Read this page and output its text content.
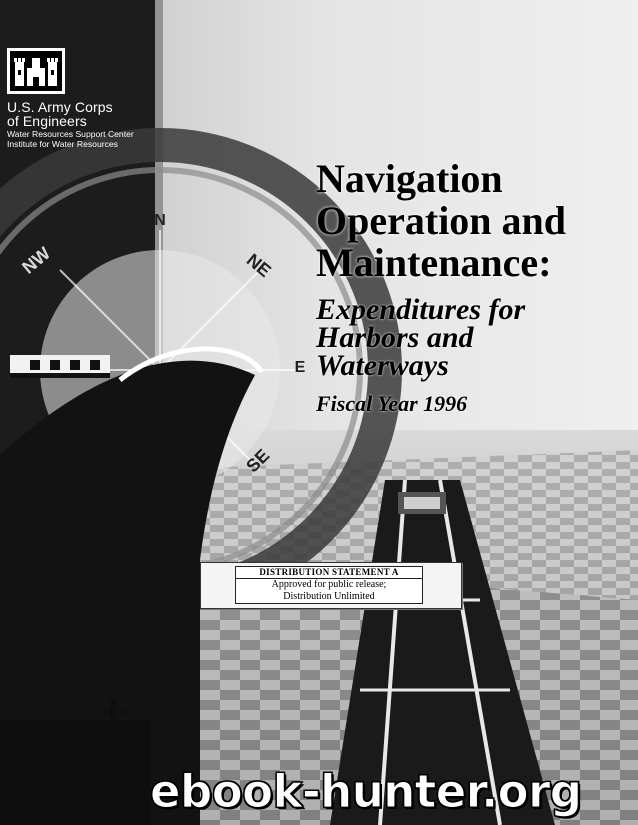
N
NW	NE
E
SE
U.S. Army Corps
of Engineers
Water Resources Support Center
Institute for Water Resources
Navigation
Operation and
Maintenance:
Expenditures for
Harbors and
Waterways
Fiscal Year 1996
DISTRIBUTION STATEMENT A
Approved for public release;
Distribution Unlimited
ebook-hunter.org
